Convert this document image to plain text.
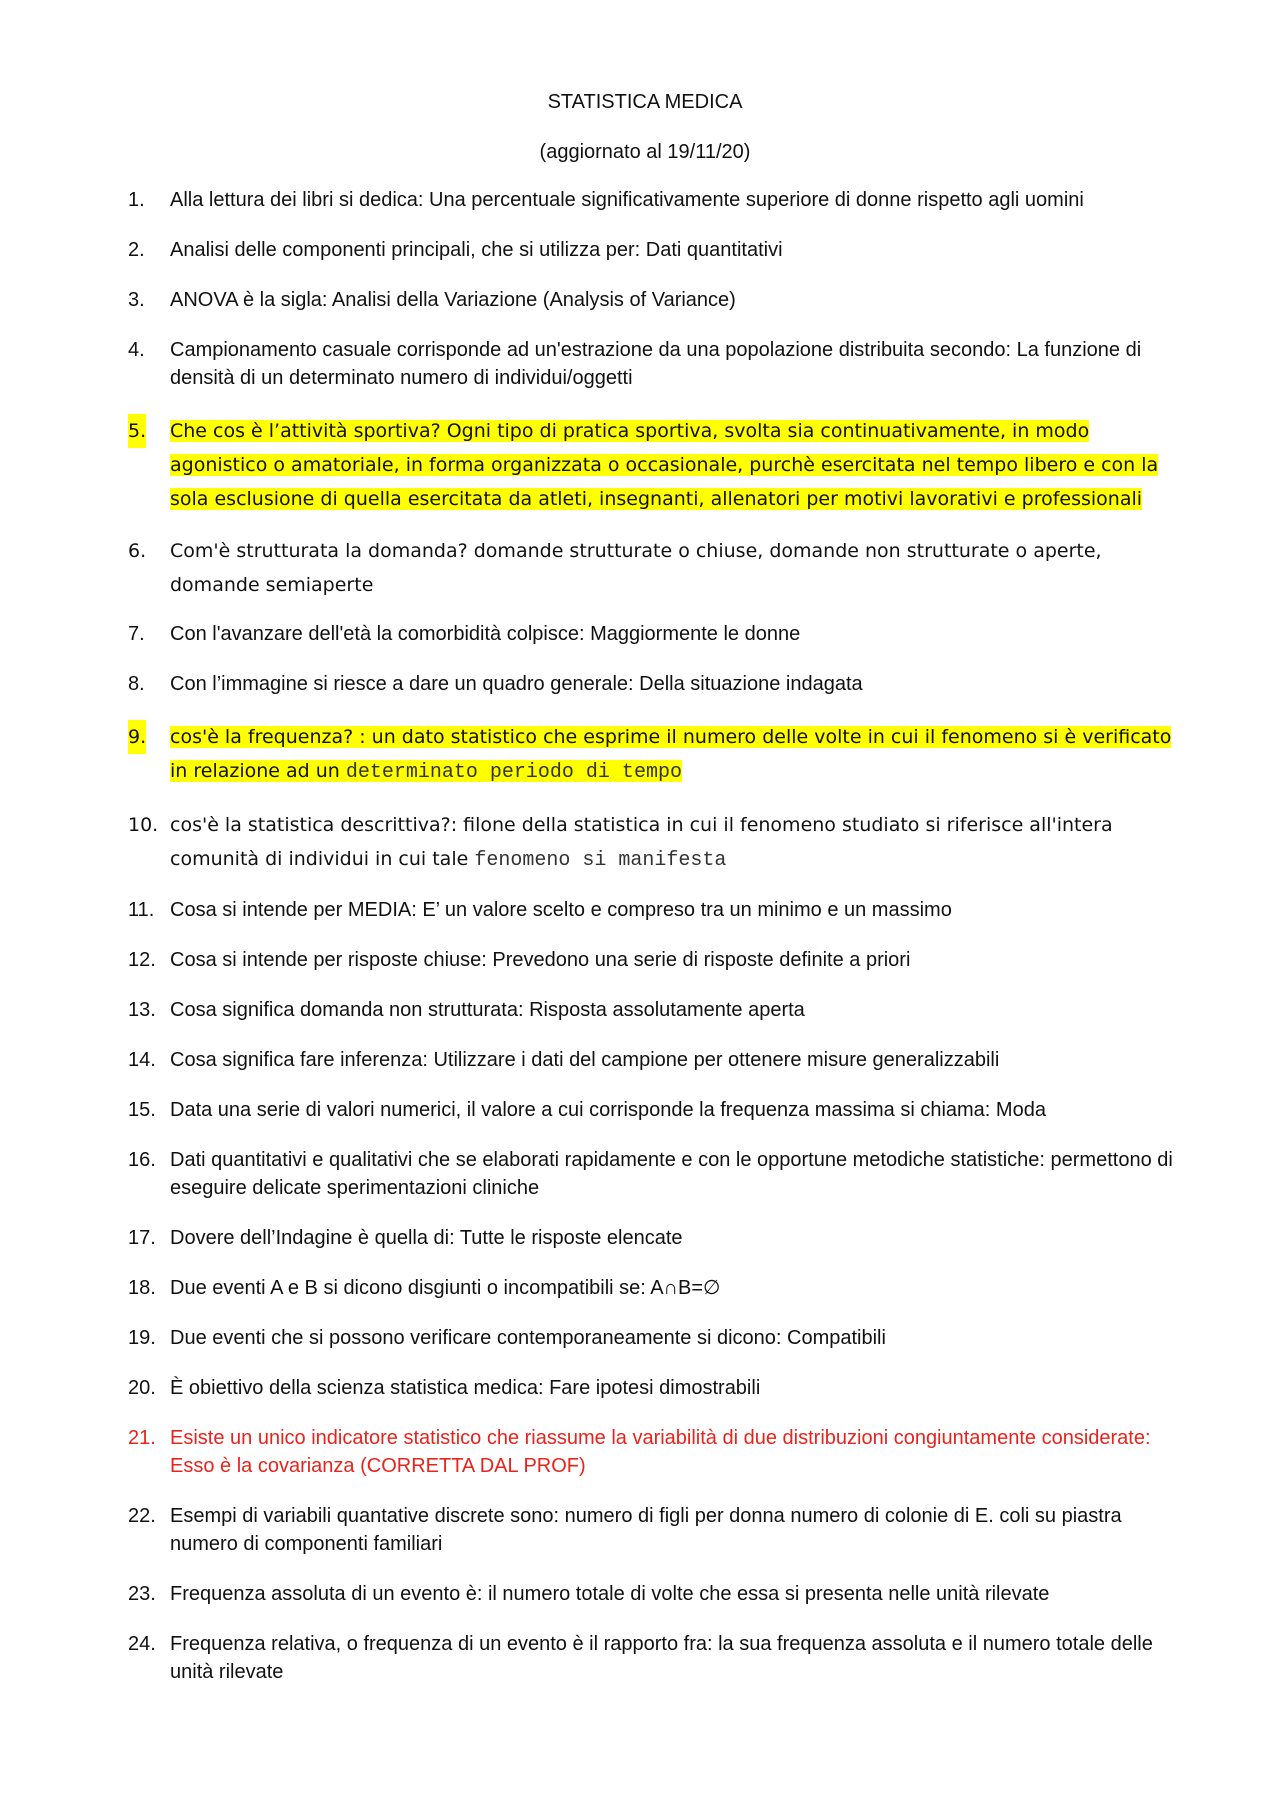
STATISTICA MEDICA

(aggiornato al 19/11/20)

1. Alla lettura dei libri si dedica: Una percentuale significativamente superiore di donne rispetto agli uomini
2. Analisi delle componenti principali, che si utilizza per: Dati quantitativi
3. ANOVA è la sigla: Analisi della Variazione (Analysis of Variance)
4. Campionamento casuale corrisponde ad un'estrazione da una popolazione distribuita secondo: La funzione di densità di un determinato numero di individui/oggetti
5. Che cos è l’attività sportiva? Ogni tipo di pratica sportiva, svolta sia continuativamente, in modo agonistico o amatoriale, in forma organizzata o occasionale, purchè esercitata nel tempo libero e con la sola esclusione di quella esercitata da atleti, insegnanti, allenatori per motivi lavorativi e professionali
6. Com'è strutturata la domanda? domande strutturate o chiuse, domande non strutturate o aperte, domande semiaperte
7. Con l'avanzare dell'età la comorbidità colpisce: Maggiormente le donne
8. Con l’immagine si riesce a dare un quadro generale: Della situazione indagata
9. cos'è la frequenza? : un dato statistico che esprime il numero delle volte in cui il fenomeno si è verificato in relazione ad un determinato periodo di tempo
10. cos'è la statistica descrittiva?: filone della statistica in cui il fenomeno studiato si riferisce all'intera comunità di individui in cui tale fenomeno si manifesta
11. Cosa si intende per MEDIA: E’ un valore scelto e compreso tra un minimo e un massimo
12. Cosa si intende per risposte chiuse: Prevedono una serie di risposte definite a priori
13. Cosa significa domanda non strutturata: Risposta assolutamente aperta
14. Cosa significa fare inferenza: Utilizzare i dati del campione per ottenere misure generalizzabili
15. Data una serie di valori numerici, il valore a cui corrisponde la frequenza massima si chiama: Moda
16. Dati quantitativi e qualitativi che se elaborati rapidamente e con le opportune metodiche statistiche: permettono di eseguire delicate sperimentazioni cliniche
17. Dovere dell’Indagine è quella di: Tutte le risposte elencate
18. Due eventi A e B si dicono disgiunti o incompatibili se: A∩B=∅
19. Due eventi che si possono verificare contemporaneamente si dicono: Compatibili
20. È obiettivo della scienza statistica medica: Fare ipotesi dimostrabili
21. Esiste un unico indicatore statistico che riassume la variabilità di due distribuzioni congiuntamente considerate: Esso è la covarianza (CORRETTA DAL PROF)
22. Esempi di variabili quantative discrete sono: numero di figli per donna numero di colonie di E. coli su piastra numero di componenti familiari
23. Frequenza assoluta di un evento è: il numero totale di volte che essa si presenta nelle unità rilevate
24. Frequenza relativa, o frequenza di un evento è il rapporto fra: la sua frequenza assoluta e il numero totale delle unità rilevate
